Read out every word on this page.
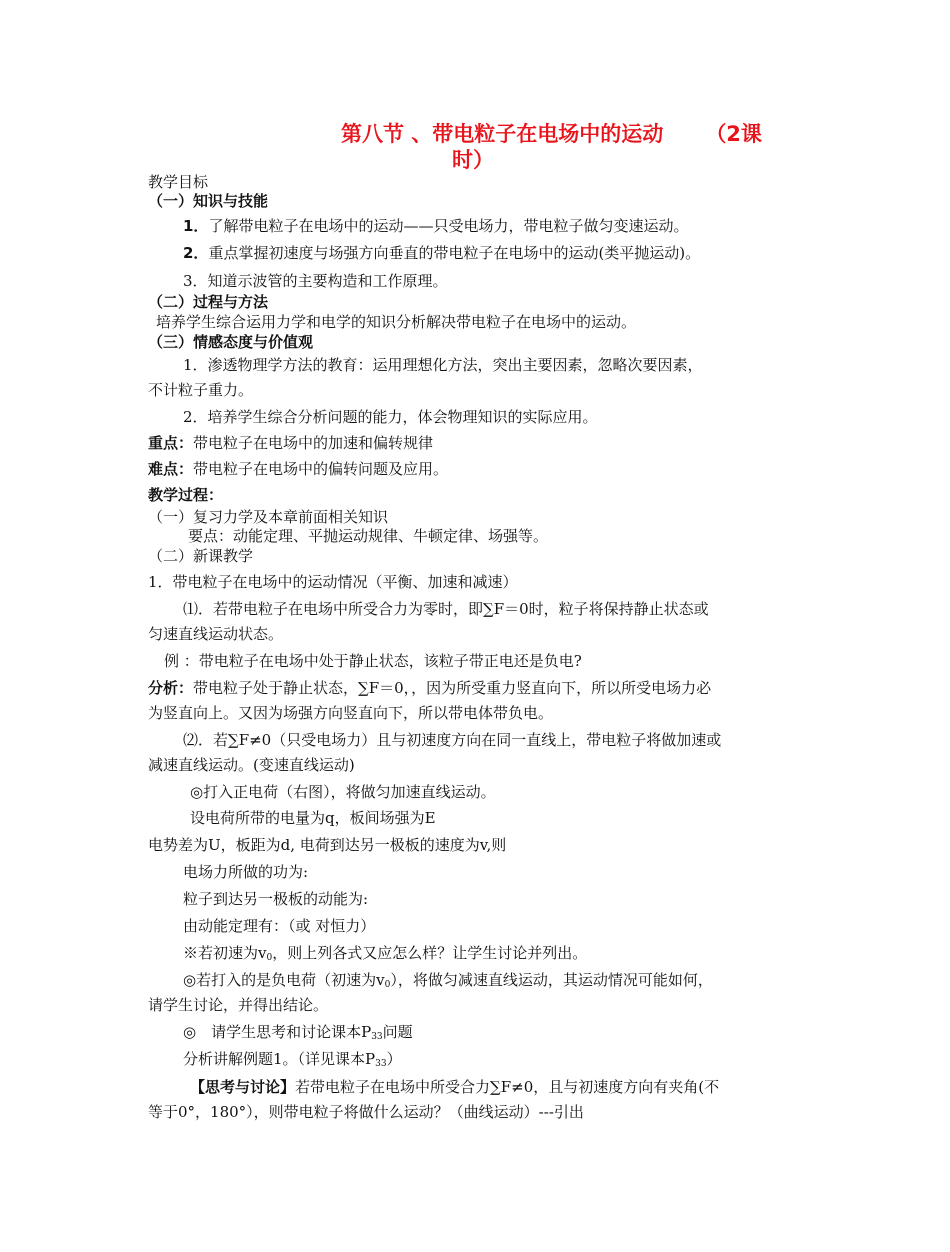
第八节 、带电粒子在电场中的运动 （2课
时）
教学目标
（一）知识与技能
1．了解带电粒子在电场中的运动——只受电场力，带电粒子做匀变速运动。
2．重点掌握初速度与场强方向垂直的带电粒子在电场中的运动(类平抛运动)。
3．知道示波管的主要构造和工作原理。
（二）过程与方法
培养学生综合运用力学和电学的知识分析解决带电粒子在电场中的运动。
（三）情感态度与价值观
1．渗透物理学方法的教育：运用理想化方法，突出主要因素，忽略次要因素，
不计粒子重力。
2．培养学生综合分析问题的能力，体会物理知识的实际应用。
重点：带电粒子在电场中的加速和偏转规律
难点：带电粒子在电场中的偏转问题及应用。
教学过程：
（一）复习力学及本章前面相关知识
要点：动能定理、平抛运动规律、牛顿定律、场强等。
（二）新课教学
1．带电粒子在电场中的运动情况（平衡、加速和减速）
⑴．若带电粒子在电场中所受合力为零时，即∑F＝0时，粒子将保持静止状态或
匀速直线运动状态。
例 ：带电粒子在电场中处于静止状态，该粒子带正电还是负电?
分析：带电粒子处于静止状态，∑F＝0，，因为所受重力竖直向下，所以所受电场力必
为竖直向上。又因为场强方向竖直向下，所以带电体带负电。
⑵．若∑F≠0（只受电场力）且与初速度方向在同一直线上，带电粒子将做加速或
减速直线运动。(变速直线运动)
◎打入正电荷（右图），将做匀加速直线运动。
设电荷所带的电量为q，板间场强为E
电势差为U，板距为d, 电荷到达另一极板的速度为v,则
电场力所做的功为:
粒子到达另一极板的动能为:
由动能定理有：（或 对恒力）
※若初速为$v_0$，则上列各式又应怎么样？让学生讨论并列出。
◎若打入的是负电荷（初速为$v_0$），将做匀减速直线运动，其运动情况可能如何，
请学生讨论，并得出结论。
◎　请学生思考和讨论课本$P_{33}$问题
分析讲解例题1。（详见课本$P_{33}$）
【思考与讨论】若带电粒子在电场中所受合力∑F≠0，且与初速度方向有夹角(不
等于0°，180°），则带电粒子将做什么运动？（曲线运动）---引出
